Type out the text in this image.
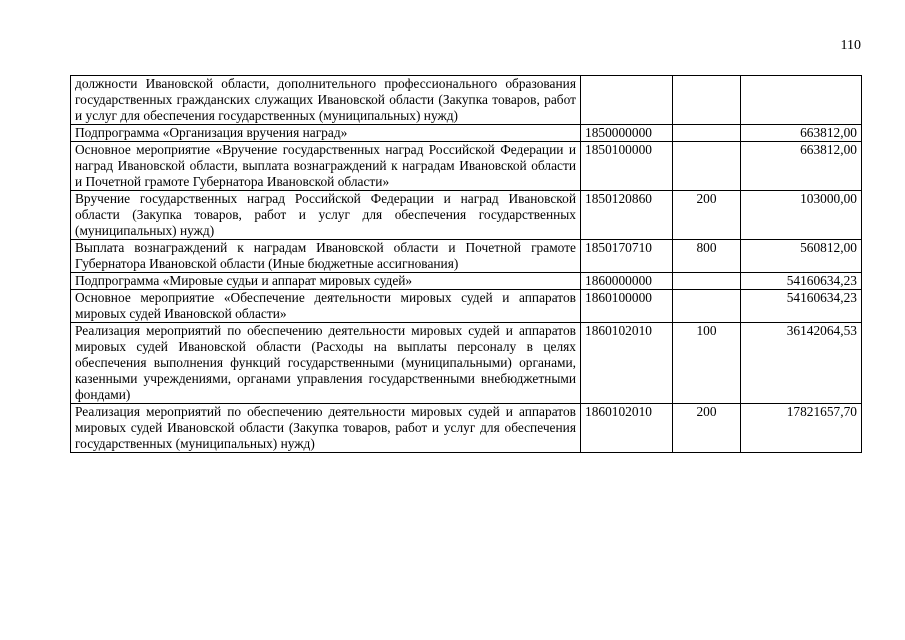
110
должности Ивановской области, дополнительного профессионального образования государственных гражданских служащих Ивановской области (Закупка товаров, работ и услуг для обеспечения государственных (муниципальных) нужд)			
Подпрограмма «Организация вручения наград»	1850000000		663812,00
Основное мероприятие «Вручение государственных наград Российской Федерации и наград Ивановской области, выплата вознаграждений к наградам Ивановской области и Почетной грамоте Губернатора Ивановской области»	1850100000		663812,00
Вручение государственных наград Российской Федерации и наград Ивановской области (Закупка товаров, работ и услуг для обеспечения государственных (муниципальных) нужд)	1850120860	200	103000,00
Выплата вознаграждений к наградам Ивановской области и Почетной грамоте Губернатора Ивановской области (Иные бюджетные ассигнования)	1850170710	800	560812,00
Подпрограмма «Мировые судьи и аппарат мировых судей»	1860000000		54160634,23
Основное мероприятие «Обеспечение деятельности мировых судей и аппаратов мировых судей Ивановской области»	1860100000		54160634,23
Реализация мероприятий по обеспечению деятельности мировых судей и аппаратов мировых судей Ивановской области (Расходы на выплаты персоналу в целях обеспечения выполнения функций государственными (муниципальными) органами, казенными учреждениями, органами управления государственными внебюджетными фондами)	1860102010	100	36142064,53
Реализация мероприятий по обеспечению деятельности мировых судей и аппаратов мировых судей Ивановской области (Закупка товаров, работ и услуг для обеспечения государственных (муниципальных) нужд)	1860102010	200	17821657,70
